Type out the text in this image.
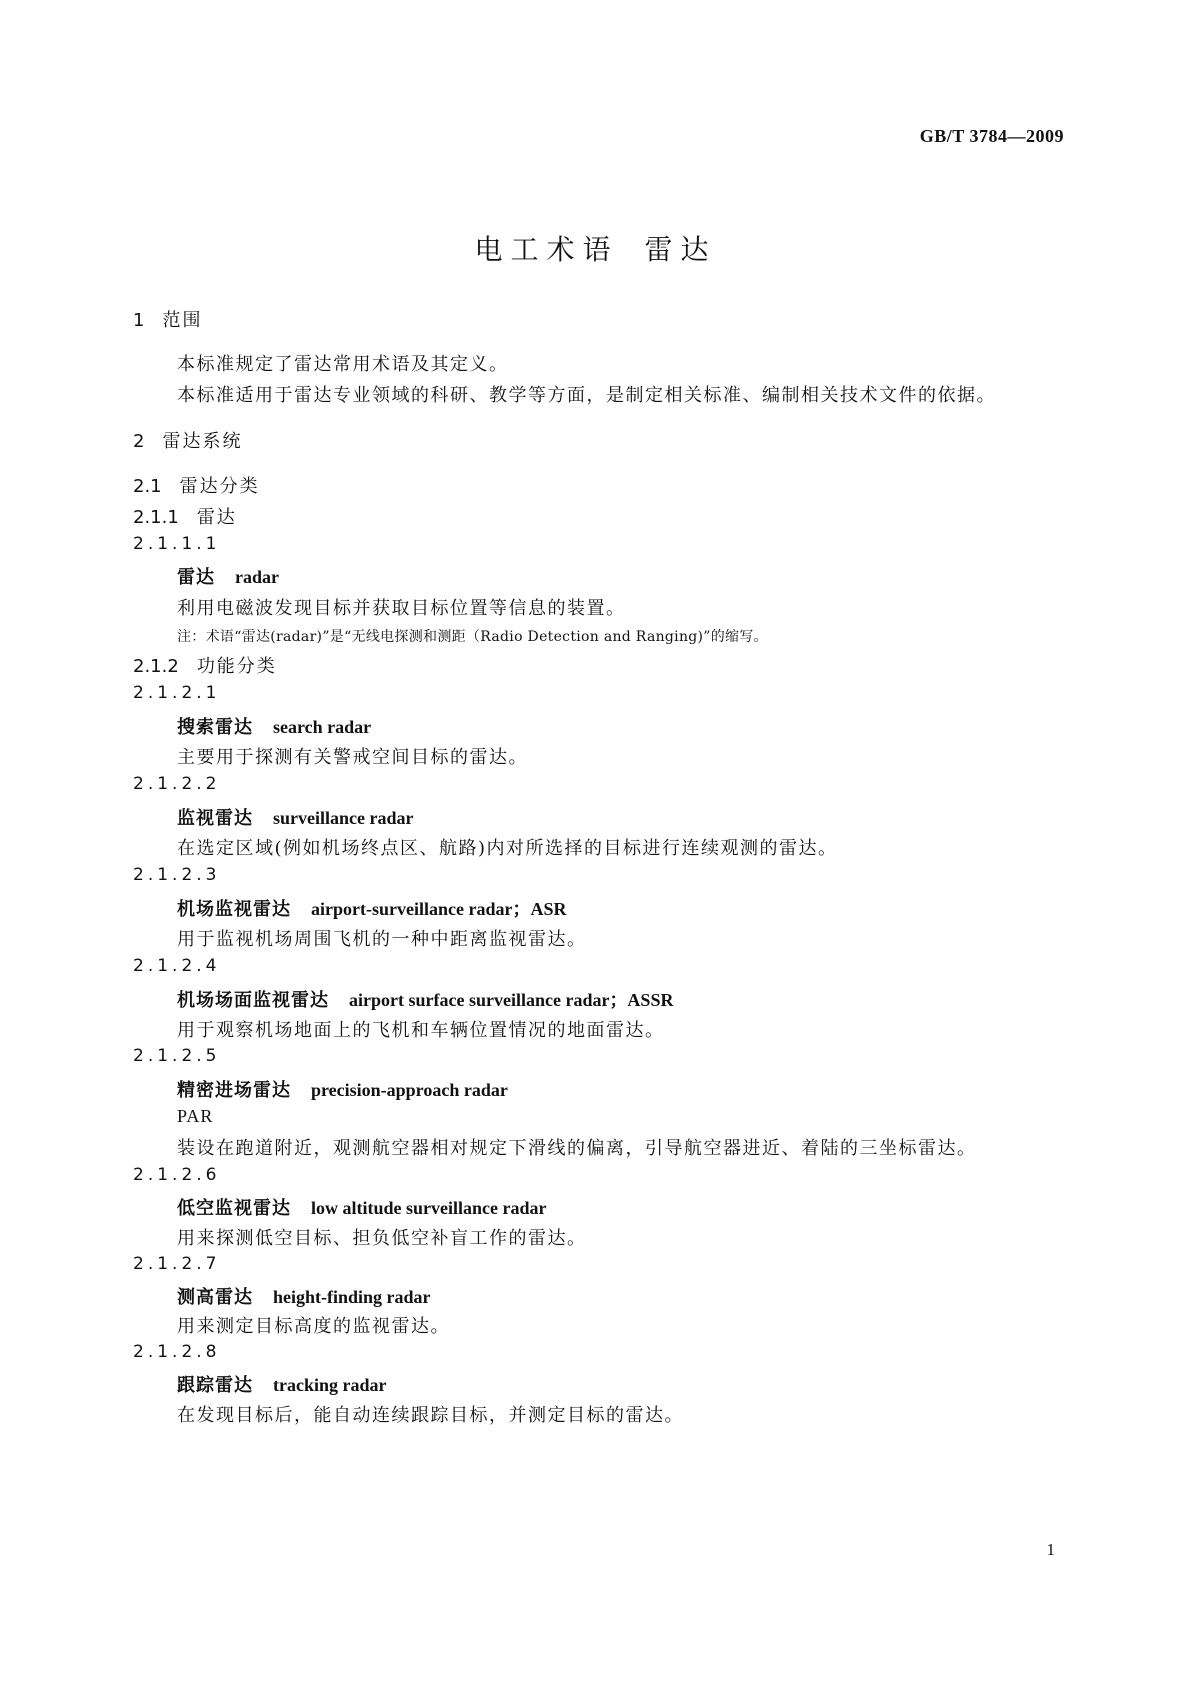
GB/T 3784—2009
电工术语 雷达
1 范围
本标准规定了雷达常用术语及其定义。
本标准适用于雷达专业领域的科研、教学等方面，是制定相关标准、编制相关技术文件的依据。
2 雷达系统
2.1 雷达分类
2.1.1 雷达
2.1.1.1
雷达 radar
利用电磁波发现目标并获取目标位置等信息的装置。
注：术语“雷达(radar)”是“无线电探测和测距（Radio Detection and Ranging)”的缩写。
2.1.2 功能分类
2.1.2.1
搜索雷达 search radar
主要用于探测有关警戒空间目标的雷达。
2.1.2.2
监视雷达 surveillance radar
在选定区域(例如机场终点区、航路)内对所选择的目标进行连续观测的雷达。
2.1.2.3
机场监视雷达 airport-surveillance radar；ASR
用于监视机场周围飞机的一种中距离监视雷达。
2.1.2.4
机场场面监视雷达 airport surface surveillance radar；ASSR
用于观察机场地面上的飞机和车辆位置情况的地面雷达。
2.1.2.5
精密进场雷达 precision-approach radar
PAR
装设在跑道附近，观测航空器相对规定下滑线的偏离，引导航空器进近、着陆的三坐标雷达。
2.1.2.6
低空监视雷达 low altitude surveillance radar
用来探测低空目标、担负低空补盲工作的雷达。
2.1.2.7
测高雷达 height-finding radar
用来测定目标高度的监视雷达。
2.1.2.8
跟踪雷达 tracking radar
在发现目标后，能自动连续跟踪目标，并测定目标的雷达。
1
